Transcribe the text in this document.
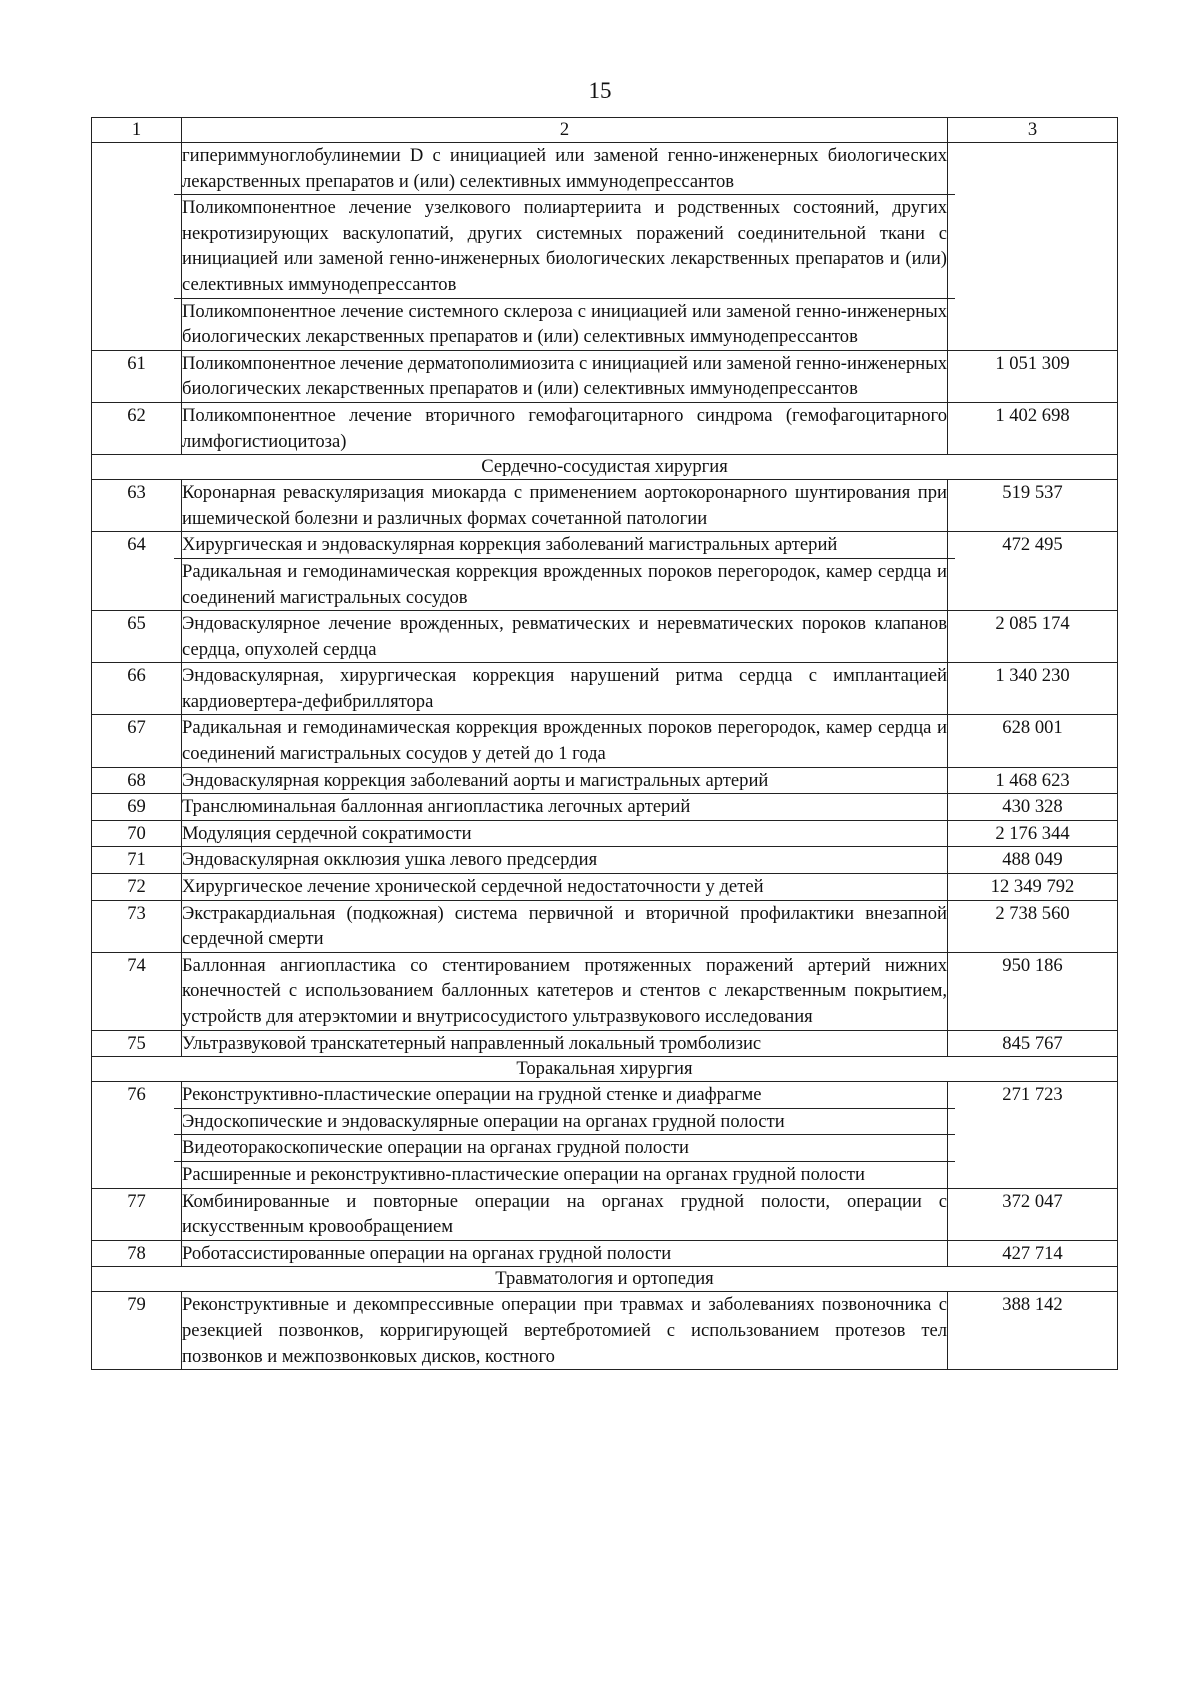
15
1	2	3

	гипериммуноглобулинемии D с инициацией или заменой генно-инженерных биологических лекарственных препаратов и (или) селективных иммунодепрессантов
Поликомпонентное лечение узелкового полиартериита и родственных состояний, других некротизирующих васкулопатий, других системных поражений соединительной ткани с инициацией или заменой генно-инженерных биологических лекарственных препаратов и (или) селективных иммунодепрессантов
Поликомпонентное лечение системного склероза с инициацией или заменой генно-инженерных биологических лекарственных препаратов и (или) селективных иммунодепрессантов	

61	Поликомпонентное лечение дерматополимиозита с инициацией или заменой генно-инженерных биологических лекарственных препаратов и (или) селективных иммунодепрессантов	1 051 309
62	Поликомпонентное лечение вторичного гемофагоцитарного синдрома (гемофагоцитарного лимфогистиоцитоза)	1 402 698
Сердечно-сосудистая хирургия		
63	Коронарная реваскуляризация миокарда с применением аортокоронарного шунтирования при ишемической болезни и различных формах сочетанной патологии	519 537
64	Хирургическая и эндоваскулярная коррекция заболеваний магистральных артерий
Радикальная и гемодинамическая коррекция врожденных пороков перегородок, камер сердца и соединений магистральных сосудов	472 495
65	Эндоваскулярное лечение врожденных, ревматических и неревматических пороков клапанов сердца, опухолей сердца	2 085 174
66	Эндоваскулярная, хирургическая коррекция нарушений ритма сердца с имплантацией кардиовертера-дефибриллятора	1 340 230
67	Радикальная и гемодинамическая коррекция врожденных пороков перегородок, камер сердца и соединений магистральных сосудов у детей до 1 года	628 001
68	Эндоваскулярная коррекция заболеваний аорты и магистральных артерий	1 468 623
69	Транслюминальная баллонная ангиопластика легочных артерий	430 328
70	Модуляция сердечной сократимости	2 176 344
71	Эндоваскулярная окклюзия ушка левого предсердия	488 049
72	Хирургическое лечение хронической сердечной недостаточности у детей	12 349 792
73	Экстракардиальная (подкожная) система первичной и вторичной профилактики внезапной сердечной смерти	2 738 560
74	Баллонная ангиопластика со стентированием протяженных поражений артерий нижних конечностей с использованием баллонных катетеров и стентов с лекарственным покрытием, устройств для атерэктомии и внутрисосудистого ультразвукового исследования	950 186
75	Ультразвуковой транскатетерный направленный локальный тромболизис	845 767
Торакальная хирургия		
76	Реконструктивно-пластические операции на грудной стенке и диафрагме
Эндоскопические и эндоваскулярные операции на органах грудной полости
Видеоторакоскопические операции на органах грудной полости
Расширенные и реконструктивно-пластические операции на органах грудной полости	271 723
77	Комбинированные и повторные операции на органах грудной полости, операции с искусственным кровообращением	372 047
78	Роботассистированные операции на органах грудной полости	427 714
Травматология и ортопедия		
79	Реконструктивные и декомпрессивные операции при травмах и заболеваниях позвоночника с резекцией позвонков, корригирующей вертебротомией с использованием протезов тел позвонков и межпозвонковых дисков, костного	388 142
